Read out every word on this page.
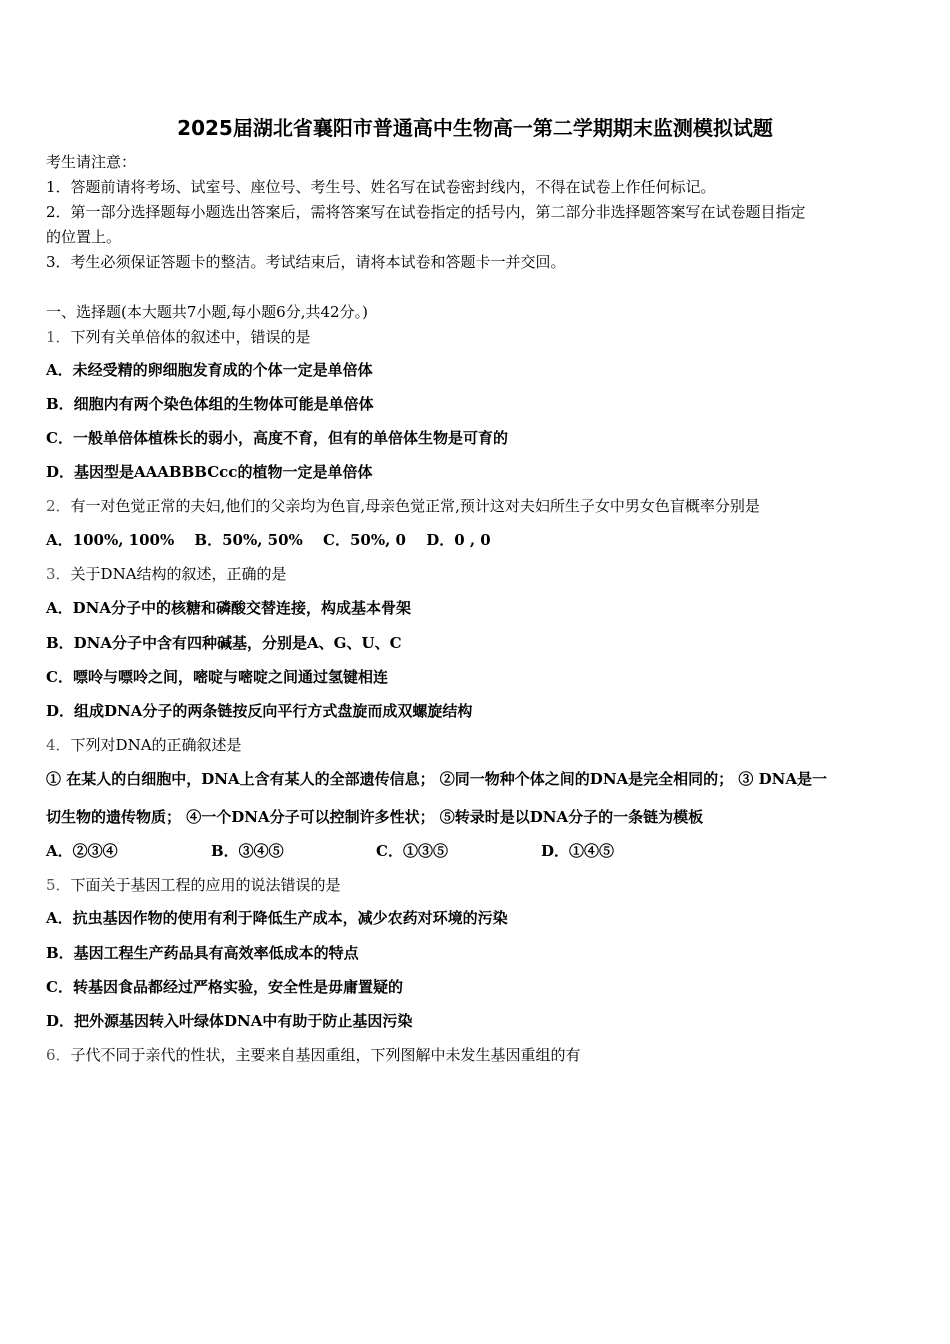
2025届湖北省襄阳市普通高中生物高一第二学期期末监测模拟试题
考生请注意：
1．答题前请将考场、试室号、座位号、考生号、姓名写在试卷密封线内，不得在试卷上作任何标记。
2．第一部分选择题每小题选出答案后，需将答案写在试卷指定的括号内，第二部分非选择题答案写在试卷题目指定
的位置上。
3．考生必须保证答题卡的整洁。考试结束后，请将本试卷和答题卡一并交回。
一、选择题(本大题共7小题,每小题6分,共42分。)
1．下列有关单倍体的叙述中，错误的是
A．未经受精的卵细胞发育成的个体一定是单倍体
B．细胞内有两个染色体组的生物体可能是单倍体
C．一般单倍体植株长的弱小，高度不育，但有的单倍体生物是可育的
D．基因型是AAABBBCcc的植物一定是单倍体
2．有一对色觉正常的夫妇,他们的父亲均为色盲,母亲色觉正常,预计这对夫妇所生子女中男女色盲概率分别是
A．100%, 100%　 B．50%, 50%　 C．50%, 0　 D．0 , 0
3．关于DNA结构的叙述，正确的是
A．DNA分子中的核糖和磷酸交替连接，构成基本骨架
B．DNA分子中含有四种碱基，分别是A、G、U、C
C．嘌呤与嘌呤之间，嘧啶与嘧啶之间通过氢键相连
D．组成DNA分子的两条链按反向平行方式盘旋而成双螺旋结构
4．下列对DNA的正确叙述是
① 在某人的白细胞中，DNA上含有某人的全部遗传信息； ②同一物种个体之间的DNA是完全相同的； ③ DNA是一
切生物的遗传物质； ④一个DNA分子可以控制许多性状； ⑤转录时是以DNA分子的一条链为模板
A．②③④	B．③④⑤	C．①③⑤	D．①④⑤
5．下面关于基因工程的应用的说法错误的是
A．抗虫基因作物的使用有利于降低生产成本，减少农药对环境的污染
B．基因工程生产药品具有高效率低成本的特点
C．转基因食品都经过严格实验，安全性是毋庸置疑的
D．把外源基因转入叶绿体DNA中有助于防止基因污染
6．子代不同于亲代的性状，主要来自基因重组，下列图解中未发生基因重组的有
